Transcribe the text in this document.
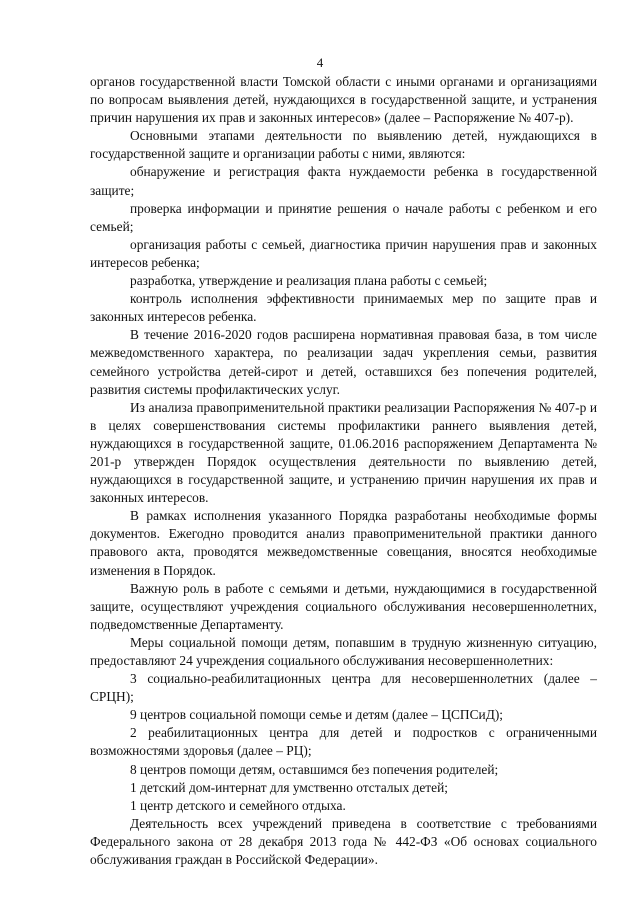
4

органов государственной власти Томской области с иными органами и организациями по вопросам выявления детей, нуждающихся в государственной защите, и устранения причин нарушения их прав и законных интересов» (далее – Распоряжение № 407-р).

Основными этапами деятельности по выявлению детей, нуждающихся в государственной защите и организации работы с ними, являются:

обнаружение и регистрация факта нуждаемости ребенка в государственной защите;

проверка информации и принятие решения о начале работы с ребенком и его семьей;

организация работы с семьей, диагностика причин нарушения прав и законных интересов ребенка;

разработка, утверждение и реализация плана работы с семьей;

контроль исполнения эффективности принимаемых мер по защите прав и законных интересов ребенка.

В течение 2016-2020 годов расширена нормативная правовая база, в том числе межведомственного характера, по реализации задач укрепления семьи, развития семейного устройства детей-сирот и детей, оставшихся без попечения родителей, развития системы профилактических услуг.

Из анализа правоприменительной практики реализации Распоряжения № 407-р и в целях совершенствования системы профилактики раннего выявления детей, нуждающихся в государственной защите, 01.06.2016 распоряжением Департамента № 201-р утвержден Порядок осуществления деятельности по выявлению детей, нуждающихся в государственной защите, и устранению причин нарушения их прав и законных интересов.

В рамках исполнения указанного Порядка разработаны необходимые формы документов. Ежегодно проводится анализ правоприменительной практики данного правового акта, проводятся межведомственные совещания, вносятся необходимые изменения в Порядок.

Важную роль в работе с семьями и детьми, нуждающимися в государственной защите, осуществляют учреждения социального обслуживания несовершеннолетних, подведомственные Департаменту.

Меры социальной помощи детям, попавшим в трудную жизненную ситуацию, предоставляют 24 учреждения социального обслуживания несовершеннолетних:

3 социально-реабилитационных центра для несовершеннолетних (далее – СРЦН);

9 центров социальной помощи семье и детям (далее – ЦСПСиД);

2 реабилитационных центра для детей и подростков с ограниченными возможностями здоровья (далее – РЦ);

8 центров помощи детям, оставшимся без попечения родителей;

1 детский дом-интернат для умственно отсталых детей;

1 центр детского и семейного отдыха.

Деятельность всех учреждений приведена в соответствие с требованиями Федерального закона от 28 декабря 2013 года № 442-ФЗ «Об основах социального обслуживания граждан в Российской Федерации».
